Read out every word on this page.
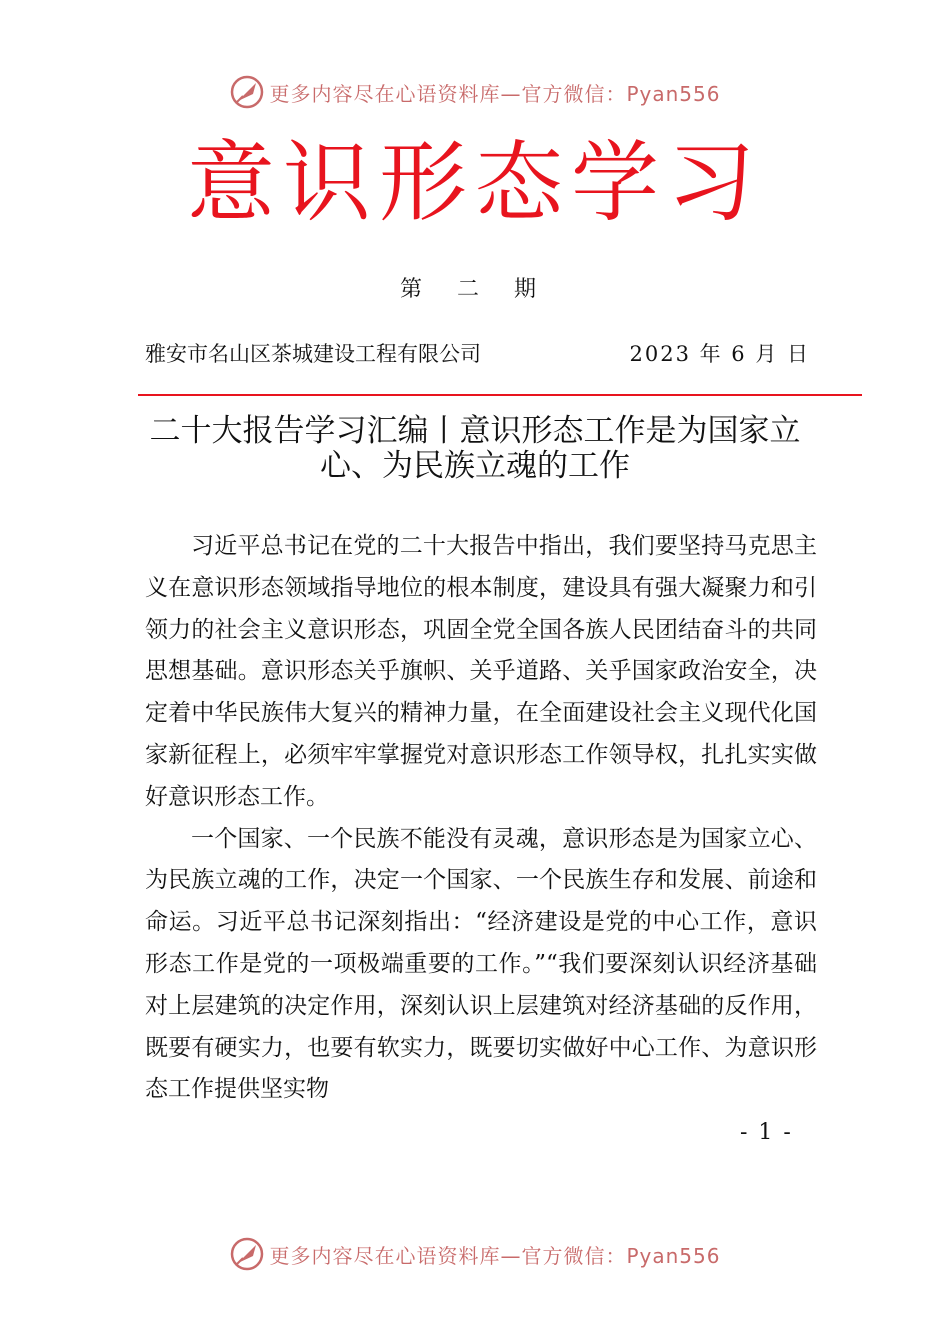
更多内容尽在心语资料库—官方微信：Pyan556
意识形态学习
第 二 期
雅安市名山区茶城建设工程有限公司	2023 年 6 月 日
二十大报告学习汇编丨意识形态工作是为国家立心、为民族立魂的工作

习近平总书记在党的二十大报告中指出，我们要坚持马克思主义在意识形态领域指导地位的根本制度，建设具有强大凝聚力和引领力的社会主义意识形态，巩固全党全国各族人民团结奋斗的共同思想基础。意识形态关乎旗帜、关乎道路、关乎国家政治安全，决定着中华民族伟大复兴的精神力量，在全面建设社会主义现代化国家新征程上，必须牢牢掌握党对意识形态工作领导权，扎扎实实做好意识形态工作。

一个国家、一个民族不能没有灵魂，意识形态是为国家立心、为民族立魂的工作，决定一个国家、一个民族生存和发展、前途和命运。习近平总书记深刻指出：“经济建设是党的中心工作，意识形态工作是党的一项极端重要的工作。”“我们要深刻认识经济基础对上层建筑的决定作用，深刻认识上层建筑对经济基础的反作用，既要有硬实力，也要有软实力，既要切实做好中心工作、为意识形态工作提供坚实物

- 1 -
更多内容尽在心语资料库—官方微信：Pyan556
